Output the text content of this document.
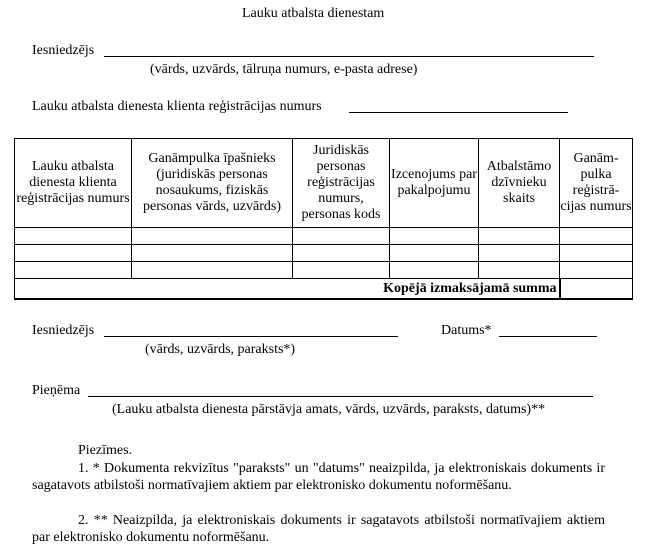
Lauku atbalsta dienestam
Iesniedzējs
(vārds, uzvārds, tālruņa numurs, e-pasta adrese)
Lauku atbalsta dienesta klienta reģistrācijas numurs
Lauku atbalsta dienesta klienta reģistrācijas numurs	Ganāmpulka īpašnieks (juridiskās personas nosaukums, fiziskās personas vārds, uzvārds)	Juridiskās personas reģistrācijas numurs, personas kods	Izcenojums par pakalpojumu	Atbalstāmo dzīvnieku skaits	Ganām-pulka reģistrā-cijas numurs

Kopējā izmaksājamā summa					
Iesniedzējs	Datums*
(vārds, uzvārds, paraksts*)
Pieņēma
(Lauku atbalsta dienesta pārstāvja amats, vārds, uzvārds, paraksts, datums)**
Piezīmes.
1. * Dokumenta rekvizītus "paraksts" un "datums" neaizpilda, ja elektroniskais dokuments ir sagatavots atbilstoši normatīvajiem aktiem par elektronisko dokumentu noformēšanu.
2. ** Neaizpilda, ja elektroniskais dokuments ir sagatavots atbilstoši normatīvajiem aktiem par elektronisko dokumentu noformēšanu.
